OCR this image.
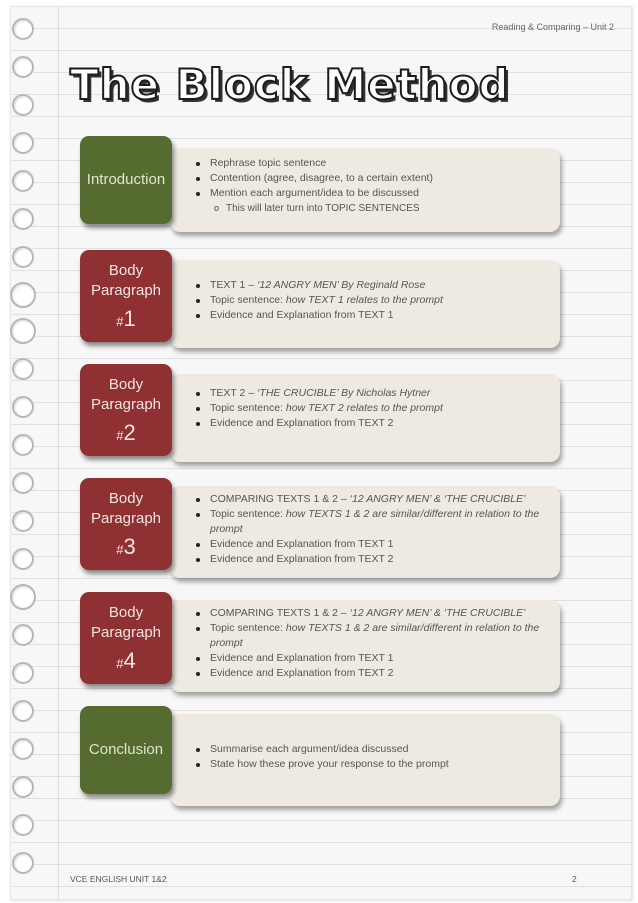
Reading & Comparing – Unit 2
The Block Method
Introduction
Rephrase topic sentence
Contention (agree, disagree, to a certain extent)
Mention each argument/idea to be discussed
o This will later turn into TOPIC SENTENCES
Body
Paragraph
#1
TEXT 1 – ‘12 ANGRY MEN’ By Reginald Rose
Topic sentence: how TEXT 1 relates to the prompt
Evidence and Explanation from TEXT 1
Body
Paragraph
#2
TEXT 2 – ‘THE CRUCIBLE’ By Nicholas Hytner
Topic sentence: how TEXT 2 relates to the prompt
Evidence and Explanation from TEXT 2
Body
Paragraph
#3
COMPARING TEXTS 1 & 2 – ‘12 ANGRY MEN’ & ‘THE CRUCIBLE’
Topic sentence: how TEXTS 1 & 2 are similar/different in relation to the prompt
Evidence and Explanation from TEXT 1
Evidence and Explanation from TEXT 2
Body
Paragraph
#4
COMPARING TEXTS 1 & 2 – ‘12 ANGRY MEN’ & ‘THE CRUCIBLE’
Topic sentence: how TEXTS 1 & 2 are similar/different in relation to the prompt
Evidence and Explanation from TEXT 1
Evidence and Explanation from TEXT 2
Conclusion	Summarise each argument/idea discussed
State how these prove your response to the prompt
VCE ENGLISH UNIT 1&2	2
